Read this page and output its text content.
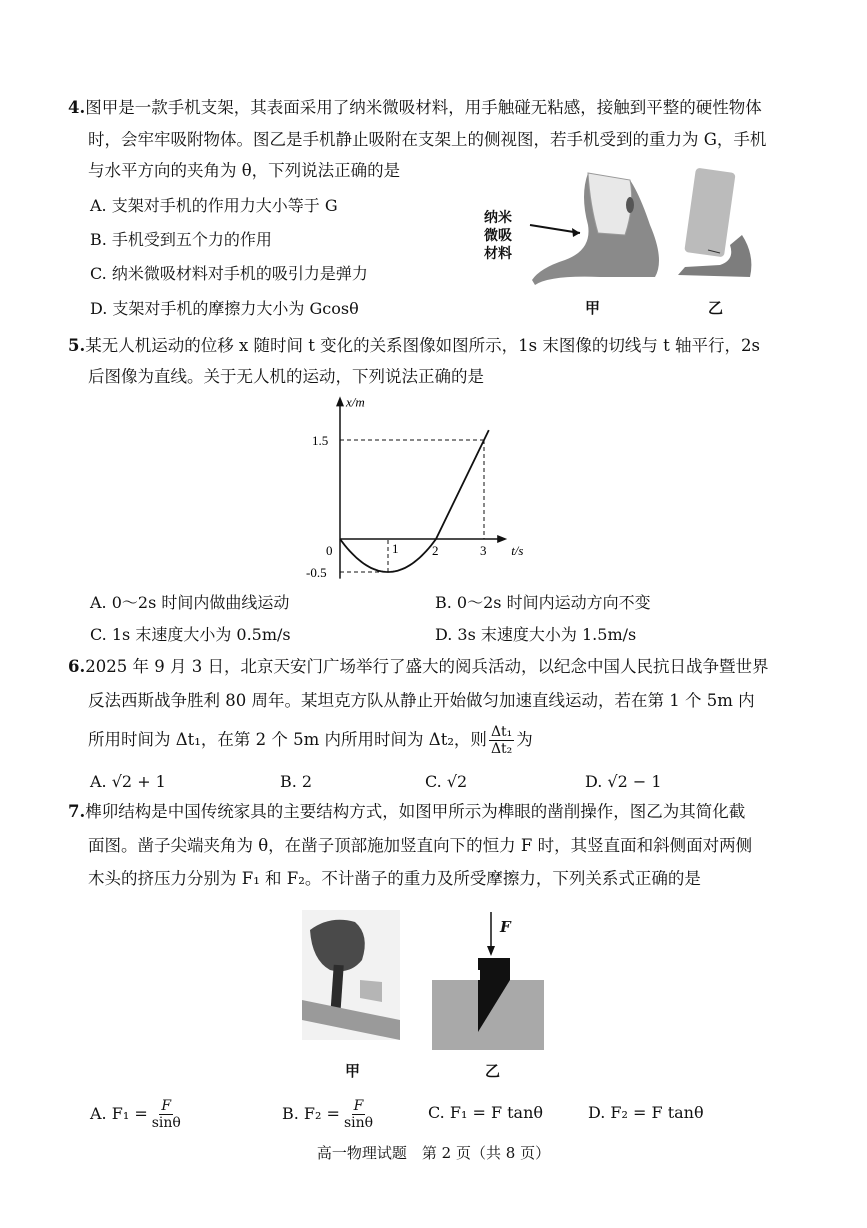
4.图甲是一款手机支架，其表面采用了纳米微吸材料，用手触碰无粘感，接触到平整的硬性物体
时，会牢牢吸附物体。图乙是手机静止吸附在支架上的侧视图，若手机受到的重力为 G，手机
与水平方向的夹角为 θ，下列说法正确的是
A. 支架对手机的作用力大小等于 G
B. 手机受到五个力的作用
C. 纳米微吸材料对手机的吸引力是弹力
D. 支架对手机的摩擦力大小为 Gcosθ
纳米
微吸
材料
甲	乙
5.某无人机运动的位移 x 随时间 t 变化的关系图像如图所示，1s 末图像的切线与 t 轴平行，2s
后图像为直线。关于无人机的运动，下列说法正确的是
x/m
t/s
0	1	2	3
1.5
-0.5
A. 0～2s 时间内做曲线运动	B. 0～2s 时间内运动方向不变
C. 1s 末速度大小为 0.5m/s	D. 3s 末速度大小为 1.5m/s
6.2025 年 9 月 3 日，北京天安门广场举行了盛大的阅兵活动，以纪念中国人民抗日战争暨世界
反法西斯战争胜利 80 周年。某坦克方队从静止开始做匀加速直线运动，若在第 1 个 5m 内
所用时间为 Δt₁，在第 2 个 5m 内所用时间为 Δt₂，则 $\frac{\text{Δt₁}}{\text{Δt₂}}$ 为
A. √2 + 1	B. 2	C. √2	D. √2 − 1
7.榫卯结构是中国传统家具的主要结构方式，如图甲所示为榫眼的凿削操作，图乙为其简化截
面图。凿子尖端夹角为 θ，在凿子顶部施加竖直向下的恒力 F 时，其竖直面和斜侧面对两侧
木头的挤压力分别为 F₁ 和 F₂。不计凿子的重力及所受摩擦力，下列关系式正确的是
F
甲	乙
A. $F_1 = \frac{F}{\sin\theta}$	B. $F_2 = \frac{F}{\sin\theta}$	C. F₁ = F tanθ	D. F₂ = F tanθ
高一物理试题　第 2 页（共 8 页）
